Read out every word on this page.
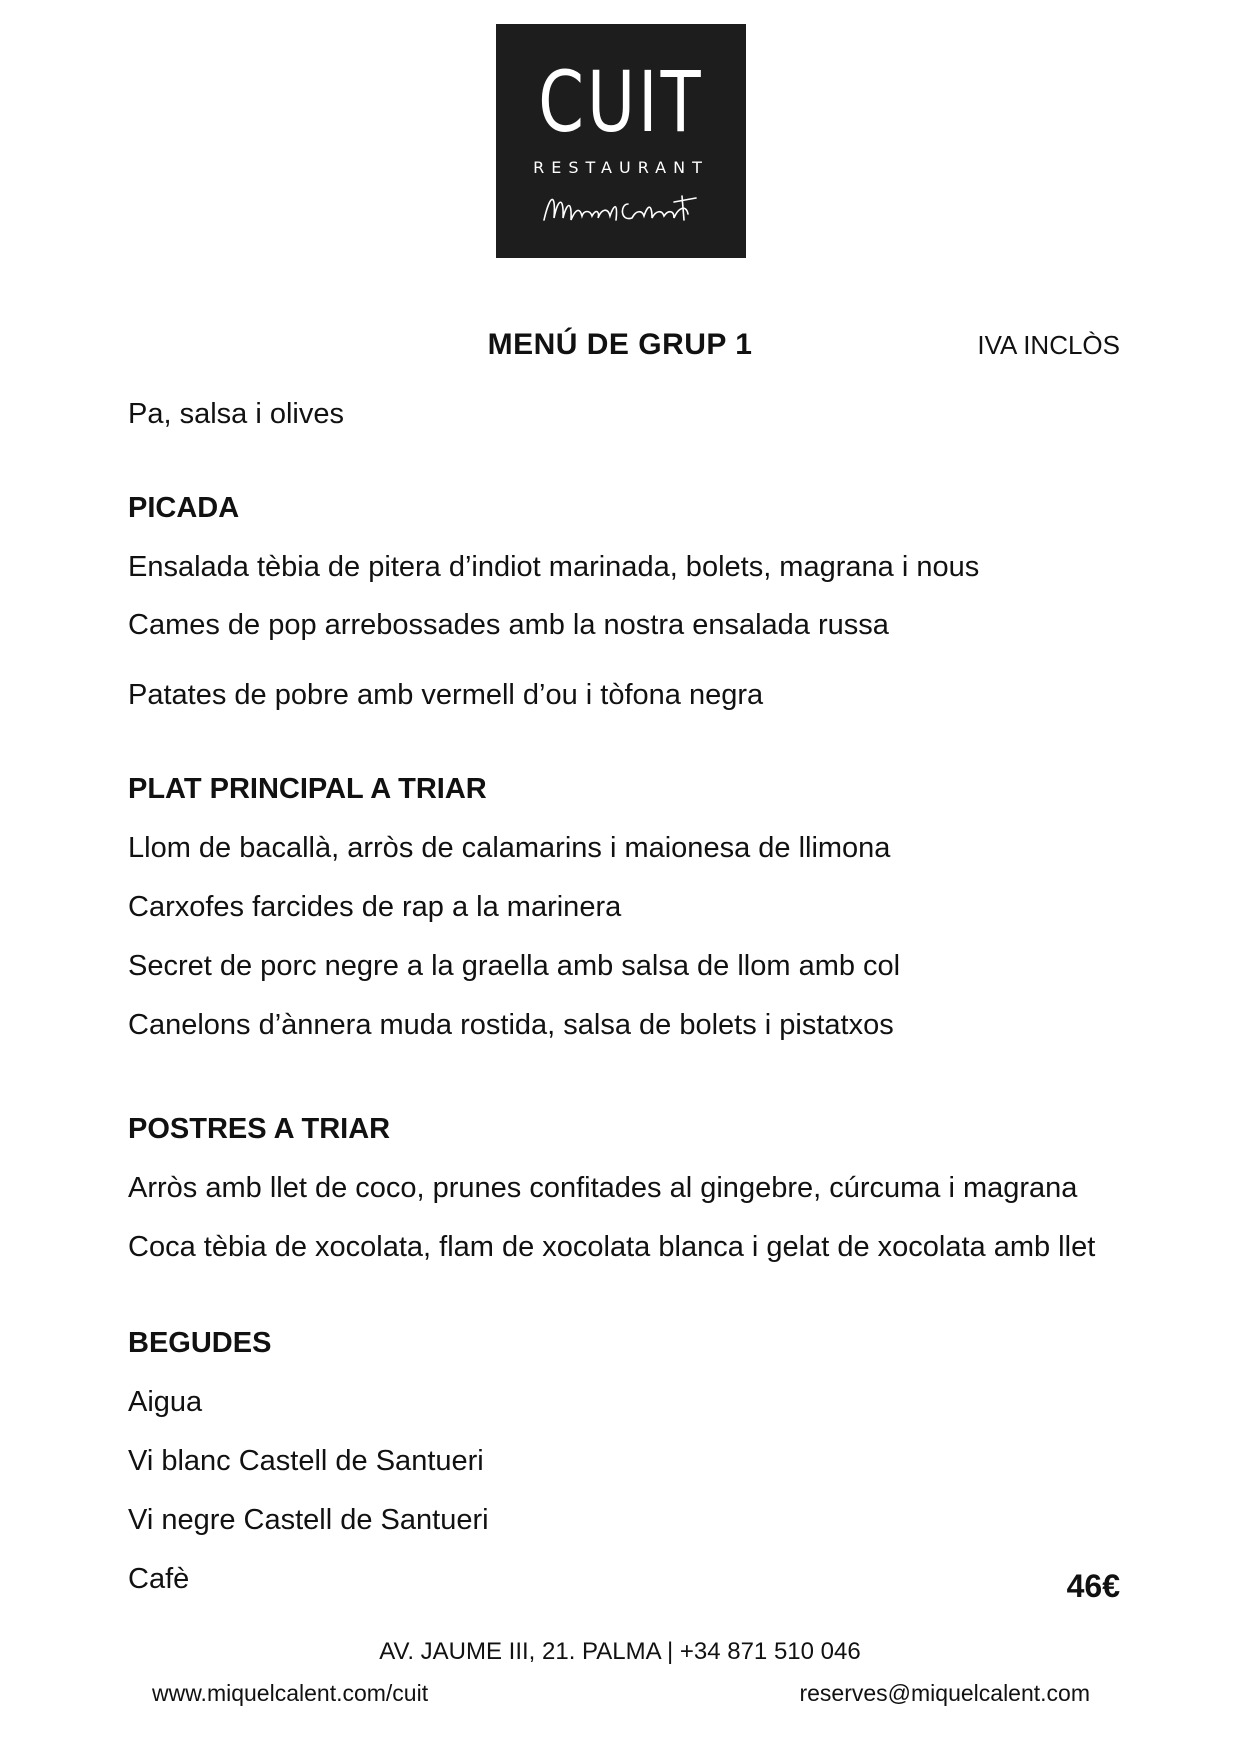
CUIT
RESTAURANT
MENÚ DE GRUP 1	IVA INCLÒS
Pa, salsa i olives
PICADA
Ensalada tèbia de pitera d’indiot marinada, bolets, magrana i nous
Cames de pop arrebossades amb la nostra ensalada russa
Patates de pobre amb vermell d’ou i tòfona negra
PLAT PRINCIPAL A TRIAR
Llom de bacallà, arròs de calamarins i maionesa de llimona
Carxofes farcides de rap a la marinera
Secret de porc negre a la graella amb salsa de llom amb col
Canelons d’ànnera muda rostida, salsa de bolets i pistatxos
POSTRES A TRIAR
Arròs amb llet de coco, prunes confitades al gingebre, cúrcuma i magrana
Coca tèbia de xocolata, flam de xocolata blanca i gelat de xocolata amb llet
BEGUDES
Aigua
Vi blanc Castell de Santueri
Vi negre Castell de Santueri
Cafè	46€
AV. JAUME III, 21. PALMA | +34 871 510 046
www.miquelcalent.com/cuit	reserves@miquelcalent.com
